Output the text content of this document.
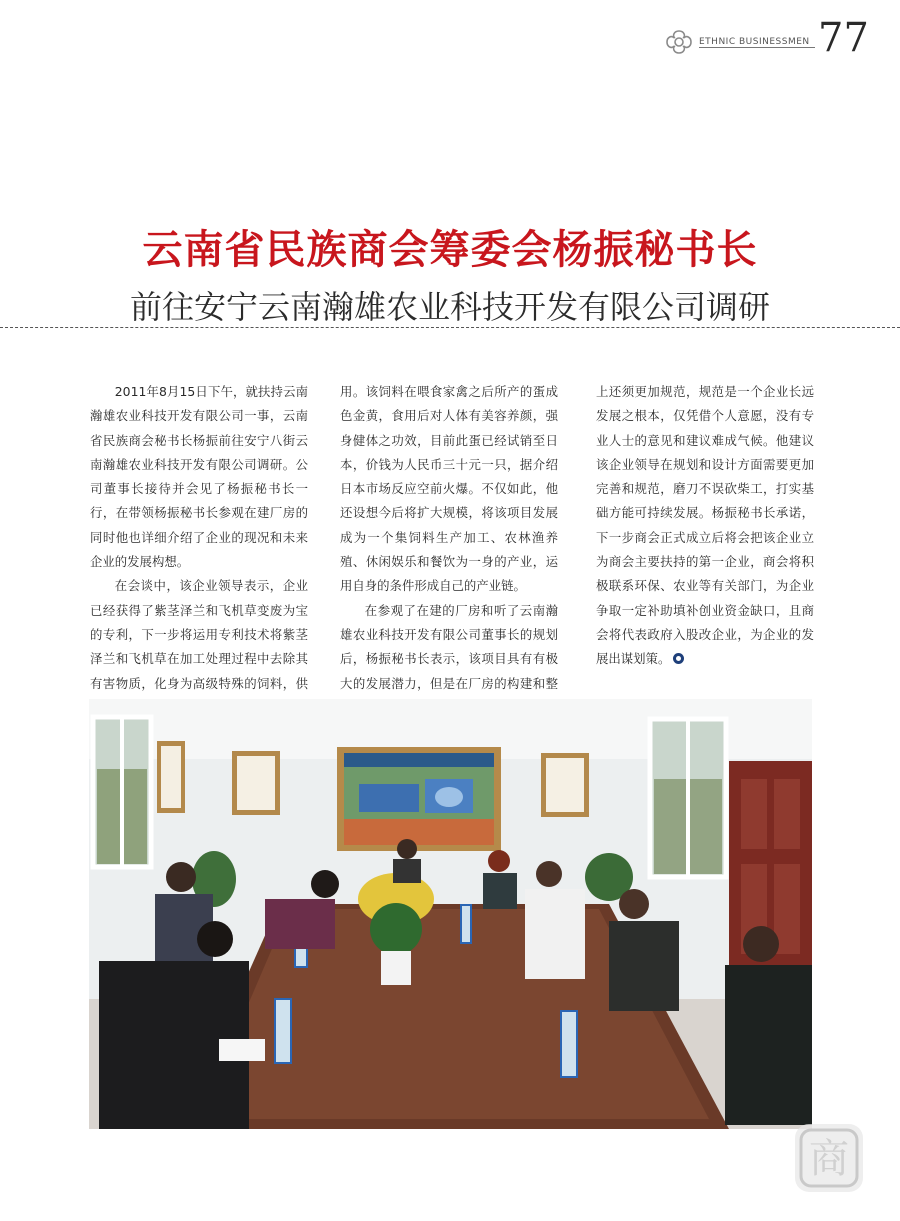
ETHNIC BUSINESSMEN 77
云南省民族商会筹委会杨振秘书长
前往安宁云南瀚雄农业科技开发有限公司调研

2011年8月15日下午，就扶持云南瀚雄农业科技开发有限公司一事，云南省民族商会秘书长杨振前往安宁八街云南瀚雄农业科技开发有限公司调研。公司董事长接待并会见了杨振秘书长一行，在带领杨振秘书长参观在建厂房的同时他也详细介绍了企业的现况和未来企业的发展构想。

在会谈中，该企业领导表示，企业已经获得了紫茎泽兰和飞机草变废为宝的专利，下一步将运用专利技术将紫茎泽兰和飞机草在加工处理过程中去除其有害物质，化身为高级特殊的饲料，供

用。该饲料在喂食家禽之后所产的蛋成色金黄，食用后对人体有美容养颜，强身健体之功效，目前此蛋已经试销至日本，价钱为人民币三十元一只，据介绍日本市场反应空前火爆。不仅如此，他还设想今后将扩大规模，将该项目发展成为一个集饲料生产加工、农林渔养殖、休闲娱乐和餐饮为一身的产业，运用自身的条件形成自己的产业链。

在参观了在建的厂房和听了云南瀚雄农业科技开发有限公司董事长的规划后，杨振秘书长表示，该项目具有有极大的发展潜力，但是在厂房的构建和整

上还须更加规范，规范是一个企业长远发展之根本，仅凭借个人意愿，没有专业人士的意见和建议难成气候。他建议该企业领导在规划和设计方面需要更加完善和规范，磨刀不误砍柴工，打实基础方能可持续发展。杨振秘书长承诺，下一步商会正式成立后将会把该企业立为商会主要扶持的第一企业，商会将积极联系环保、农业等有关部门，为企业争取一定补助填补创业资金缺口，且商会将代表政府入股改企业，为企业的发展出谋划策。

商
